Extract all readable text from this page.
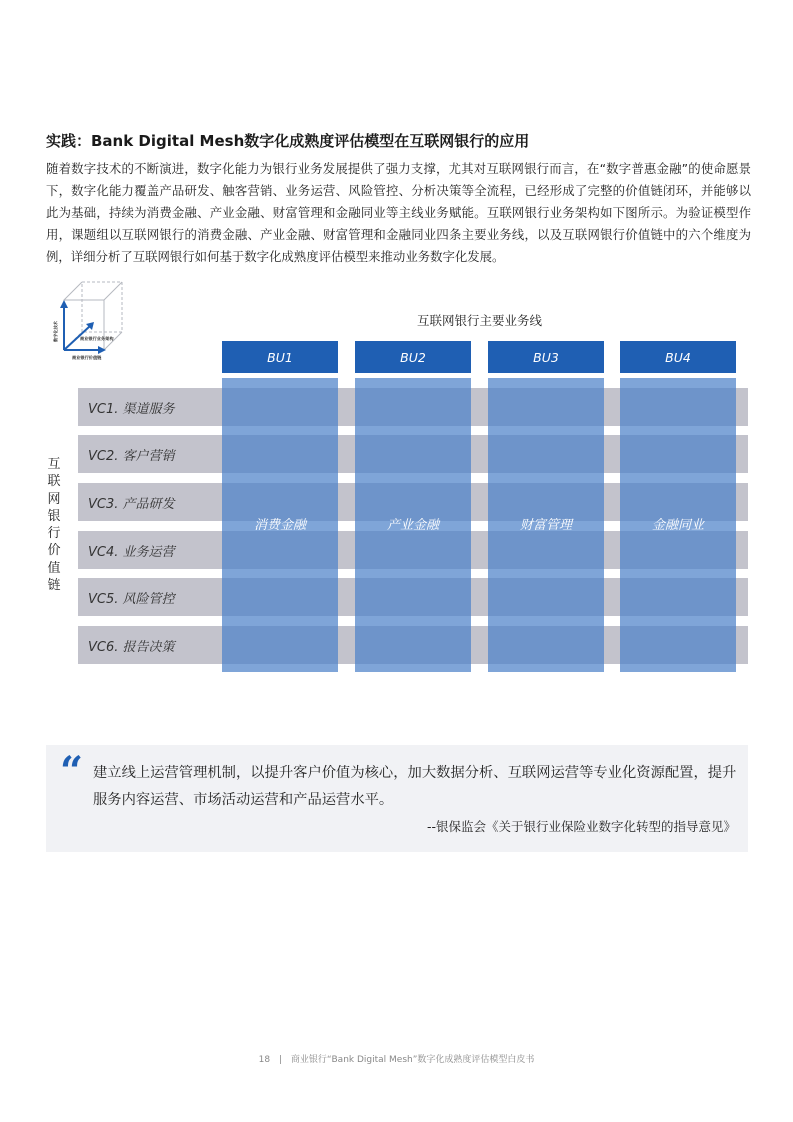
实践：Bank Digital Mesh数字化成熟度评估模型在互联网银行的应用
随着数字技术的不断演进，数字化能力为银行业务发展提供了强力支撑，尤其对互联网银行而言，在“数字普惠金融”的使命愿景下，数字化能力覆盖产品研发、触客营销、业务运营、风险管控、分析决策等全流程，已经形成了完整的价值链闭环，并能够以此为基础，持续为消费金融、产业金融、财富管理和金融同业等主线业务赋能。互联网银行业务架构如下图所示。为验证模型作用，课题组以互联网银行的消费金融、产业金融、财富管理和金融同业四条主要业务线，以及互联网银行价值链中的六个维度为例，详细分析了互联网银行如何基于数字化成熟度评估模型来推动业务数字化发展。
数字化技术	商业银行业务架构
商业银行价值链
互联网银行主要业务线
BU1	BU2	BU3	BU4
VC1. 渠道服务
VC2. 客户营销
VC3. 产品研发
VC4. 业务运营
VC5. 风险管控
VC6. 报告决策
消费金融	产业金融	财富管理	金融同业
互联网银行价值链
“ 建立线上运营管理机制，以提升客户价值为核心，加大数据分析、互联网运营等专业化资源配置，提升服务内容运营、市场活动运营和产品运营水平。
--银保监会《关于银行业保险业数字化转型的指导意见》
18 | 商业银行“Bank Digital Mesh”数字化成熟度评估模型白皮书
